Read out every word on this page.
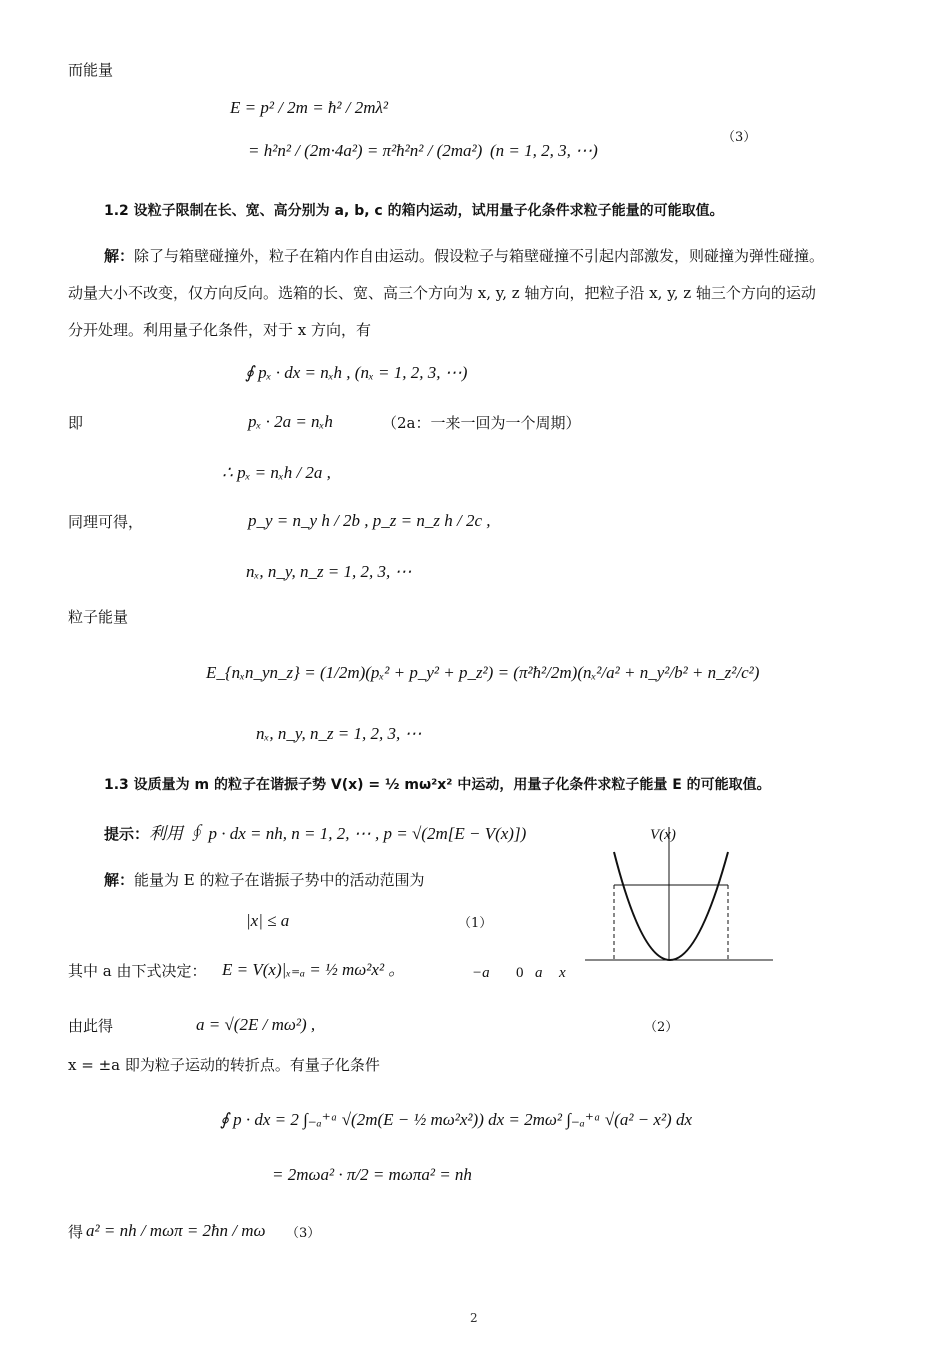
而能量
E = p² / 2m = ħ² / 2mλ²
= h²n² / (2m·4a²) = π²ħ²n² / (2ma²) (n = 1, 2, 3, ⋯)
（3）
1.2 设粒子限制在长、宽、高分别为 a, b, c 的箱内运动，试用量子化条件求粒子能量的可能取值。
解：除了与箱壁碰撞外，粒子在箱内作自由运动。假设粒子与箱壁碰撞不引起内部激发，则碰撞为弹性碰撞。
动量大小不改变，仅方向反向。选箱的长、宽、高三个方向为 x, y, z 轴方向，把粒子沿 x, y, z 轴三个方向的运动
分开处理。利用量子化条件，对于 x 方向，有
∮ pₓ · dx = nₓh , (nₓ = 1, 2, 3, ⋯)
即	pₓ · 2a = nₓh	（2a：一来一回为一个周期）
∴ pₓ = nₓh / 2a ,
同理可得，	p_y = n_y h / 2b , p_z = n_z h / 2c ,
nₓ, n_y, n_z = 1, 2, 3, ⋯
粒子能量
E_{nₓn_yn_z} = (1/2m)(pₓ² + p_y² + p_z²) = (π²ħ²/2m)(nₓ²/a² + n_y²/b² + n_z²/c²)
nₓ, n_y, n_z = 1, 2, 3, ⋯
1.3 设质量为 m 的粒子在谐振子势 V(x) = ½ mω²x² 中运动，用量子化条件求粒子能量 E 的可能取值。
提示：利用 ∮ p · dx = nh, n = 1, 2, ⋯ , p = √(2m[E − V(x)])
解：能量为 E 的粒子在谐振子势中的活动范围为
|x| ≤ a	（1）
其中 a 由下式决定： E = V(x)|ₓ₌ₐ = ½ mω²x² 。
由此得	a = √(2E / mω²) ,	（2）
x = ±a 即为粒子运动的转折点。有量子化条件
∮ p · dx = 2 ∫₋ₐ⁺ᵃ √(2m(E − ½ mω²x²)) dx = 2mω² ∫₋ₐ⁺ᵃ √(a² − x²) dx
= 2mωa² · π/2 = mωπa² = nh
得 a² = nh / mωπ = 2ħn / mω （3）
2
V(x)
−a 0 a x
